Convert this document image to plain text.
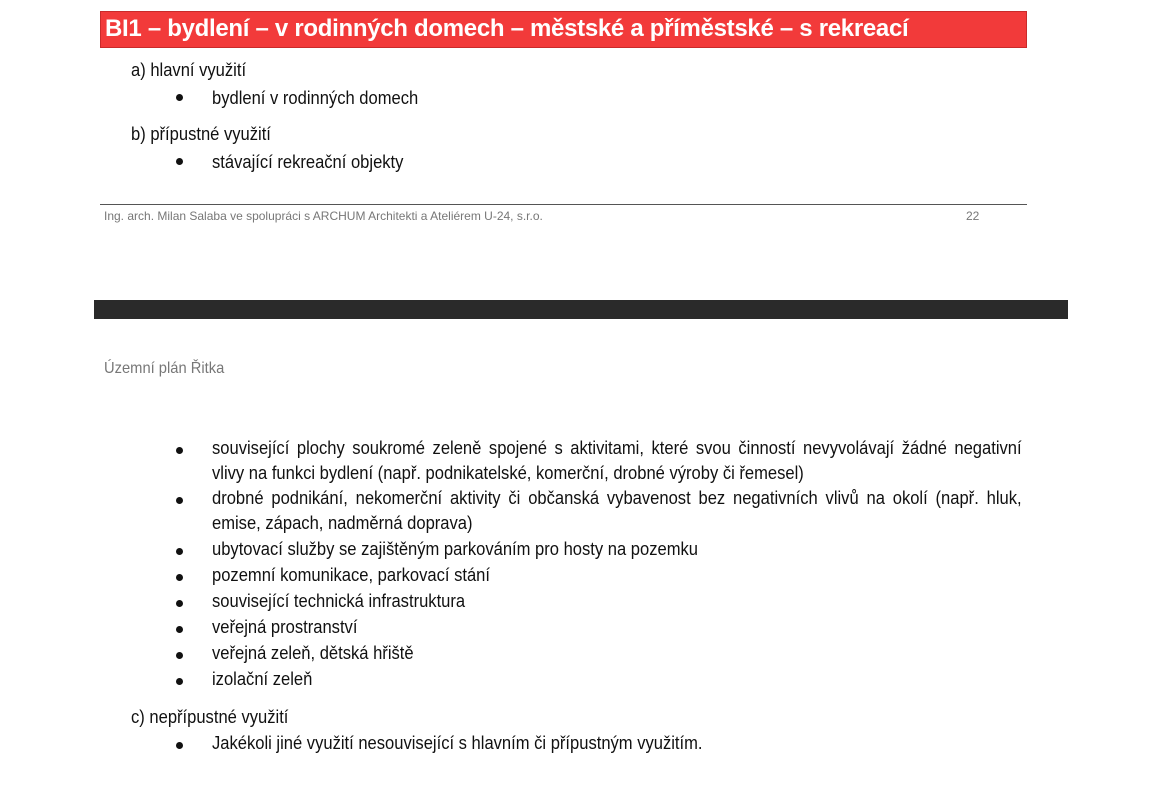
BI1 – bydlení – v rodinných domech – městské a příměstské – s rekreací
a) hlavní využití
bydlení v rodinných domech
b) přípustné využití
stávající rekreační objekty
Ing. arch. Milan Salaba ve spolupráci s ARCHUM Architekti a Ateliérem U-24, s.r.o.	22
Územní plán Řitka
související plochy soukromé zeleně spojené s aktivitami, které svou činností nevyvolávají žádné negativní vlivy na funkci bydlení (např. podnikatelské, komerční, drobné výroby či řemesel)
drobné podnikání, nekomerční aktivity či občanská vybavenost bez negativních vlivů na okolí (např. hluk, emise, zápach, nadměrná doprava)
ubytovací služby se zajištěným parkováním pro hosty na pozemku
pozemní komunikace, parkovací stání
související technická infrastruktura
veřejná prostranství
veřejná zeleň, dětská hřiště
izolační zeleň
c) nepřípustné využití
Jakékoli jiné využití nesouvisející s hlavním či přípustným využitím.
